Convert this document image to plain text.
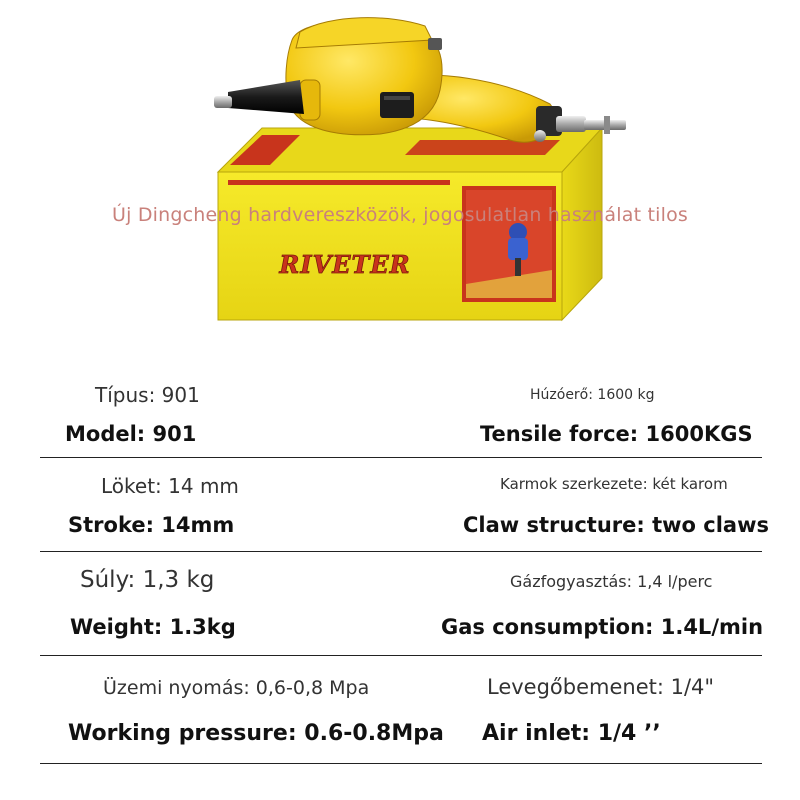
RIVETER
Új Dingcheng hardvereszközök, jogosulatlan használat tilos
Típus: 901	Húzóerő: 1600 kg
Model: 901	Tensile force: 1600KGS
Löket: 14 mm	Karmok szerkezete: két karom
Stroke: 14mm	Claw structure: two claws
Súly: 1,3 kg	Gázfogyasztás: 1,4 l/perc
Weight: 1.3kg	Gas consumption: 1.4L/min
Üzemi nyomás: 0,6-0,8 Mpa	Levegőbemenet: 1/4"
Working pressure: 0.6-0.8Mpa Air inlet: 1/4 ’’
